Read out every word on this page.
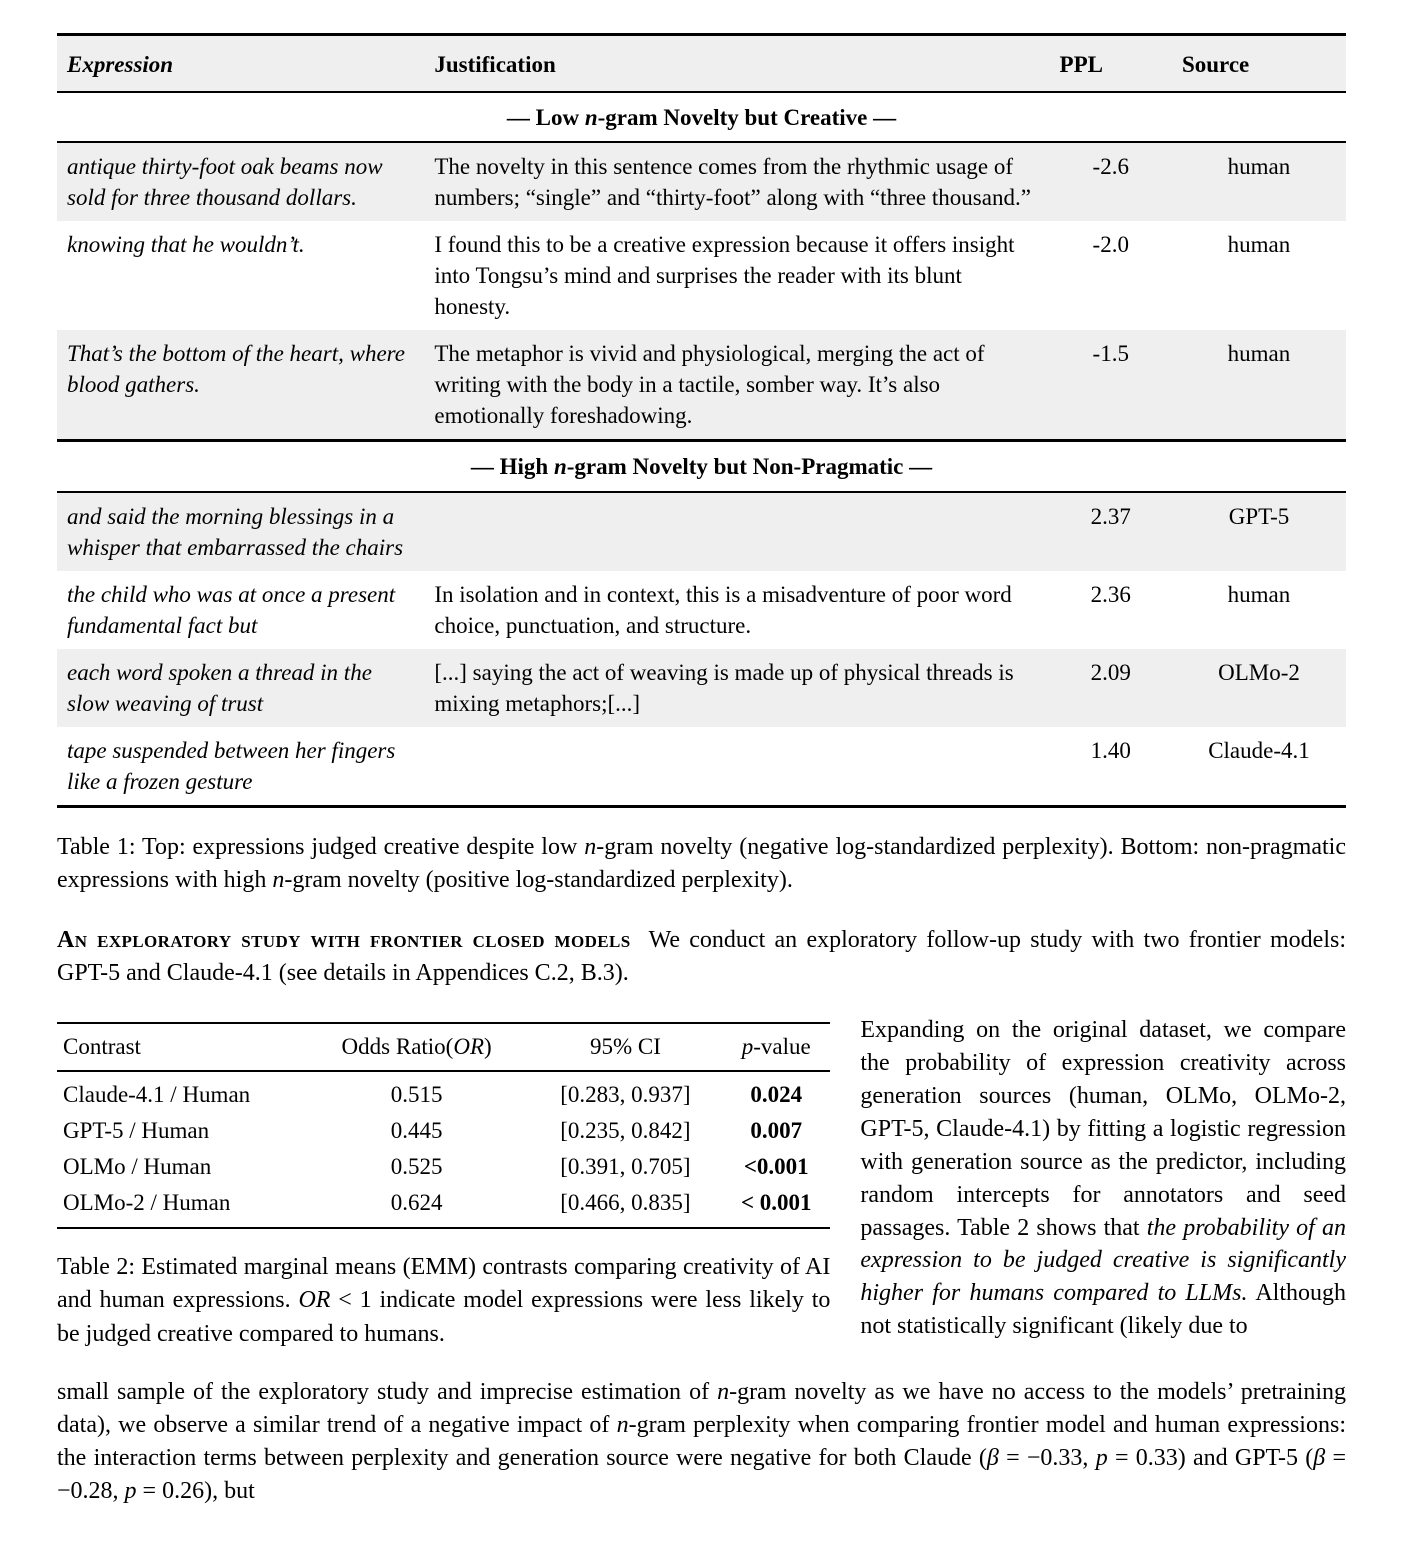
Expression	Justification	PPL	Source
— Low n-gram Novelty but Creative —			
antique thirty-foot oak beams now sold for three thousand dollars.	The novelty in this sentence comes from the rhythmic usage of numbers; “single” and “thirty-foot” along with “three thousand.”	-2.6	human
knowing that he wouldn’t.	I found this to be a creative expression because it offers insight into Tongsu’s mind and surprises the reader with its blunt honesty.	-2.0	human
That’s the bottom of the heart, where blood gathers.	The metaphor is vivid and physiological, merging the act of writing with the body in a tactile, somber way. It’s also emotionally foreshadowing.	-1.5	human
— High n-gram Novelty but Non-Pragmatic —			
and said the morning blessings in a whisper that embarrassed the chairs		2.37	GPT-5
the child who was at once a present fundamental fact but	In isolation and in context, this is a misadventure of poor word choice, punctuation, and structure.	2.36	human
each word spoken a thread in the slow weaving of trust	[...] saying the act of weaving is made up of physical threads is mixing metaphors;[...]	2.09	OLMo-2
tape suspended between her fingers like a frozen gesture		1.40	Claude-4.1

Table 1: Top: expressions judged creative despite low n-gram novelty (negative log-standardized perplexity). Bottom: non-pragmatic expressions with high n-gram novelty (positive log-standardized perplexity).

An exploratory study with frontier closed models We conduct an exploratory follow-up study with two frontier models: GPT-5 and Claude-4.1 (see details in Appendices C.2, B.3).

Contrast	Odds Ratio(OR)	95% CI	p-value
Claude-4.1 / Human	0.515	[0.283, 0.937]	0.024
GPT-5 / Human	0.445	[0.235, 0.842]	0.007
OLMo / Human	0.525	[0.391, 0.705]	<0.001
OLMo-2 / Human	0.624	[0.466, 0.835]	< 0.001

Table 2: Estimated marginal means (EMM) contrasts comparing creativity of AI and human expressions. OR < 1 indicate model expressions were less likely to be judged creative compared to humans.

Expanding on the original dataset, we compare the probability of expression creativity across generation sources (human, OLMo, OLMo-2, GPT-5, Claude-4.1) by fitting a logistic regression with generation source as the predictor, including random intercepts for annotators and seed passages. Table 2 shows that the probability of an expression to be judged creative is significantly higher for humans compared to LLMs. Although not statistically significant (likely due to

small sample of the exploratory study and imprecise estimation of n-gram novelty as we have no access to the models’ pretraining data), we observe a similar trend of a negative impact of n-gram perplexity when comparing frontier model and human expressions: the interaction terms between perplexity and generation source were negative for both Claude (β = −0.33, p = 0.33) and GPT-5 (β = −0.28, p = 0.26), but
